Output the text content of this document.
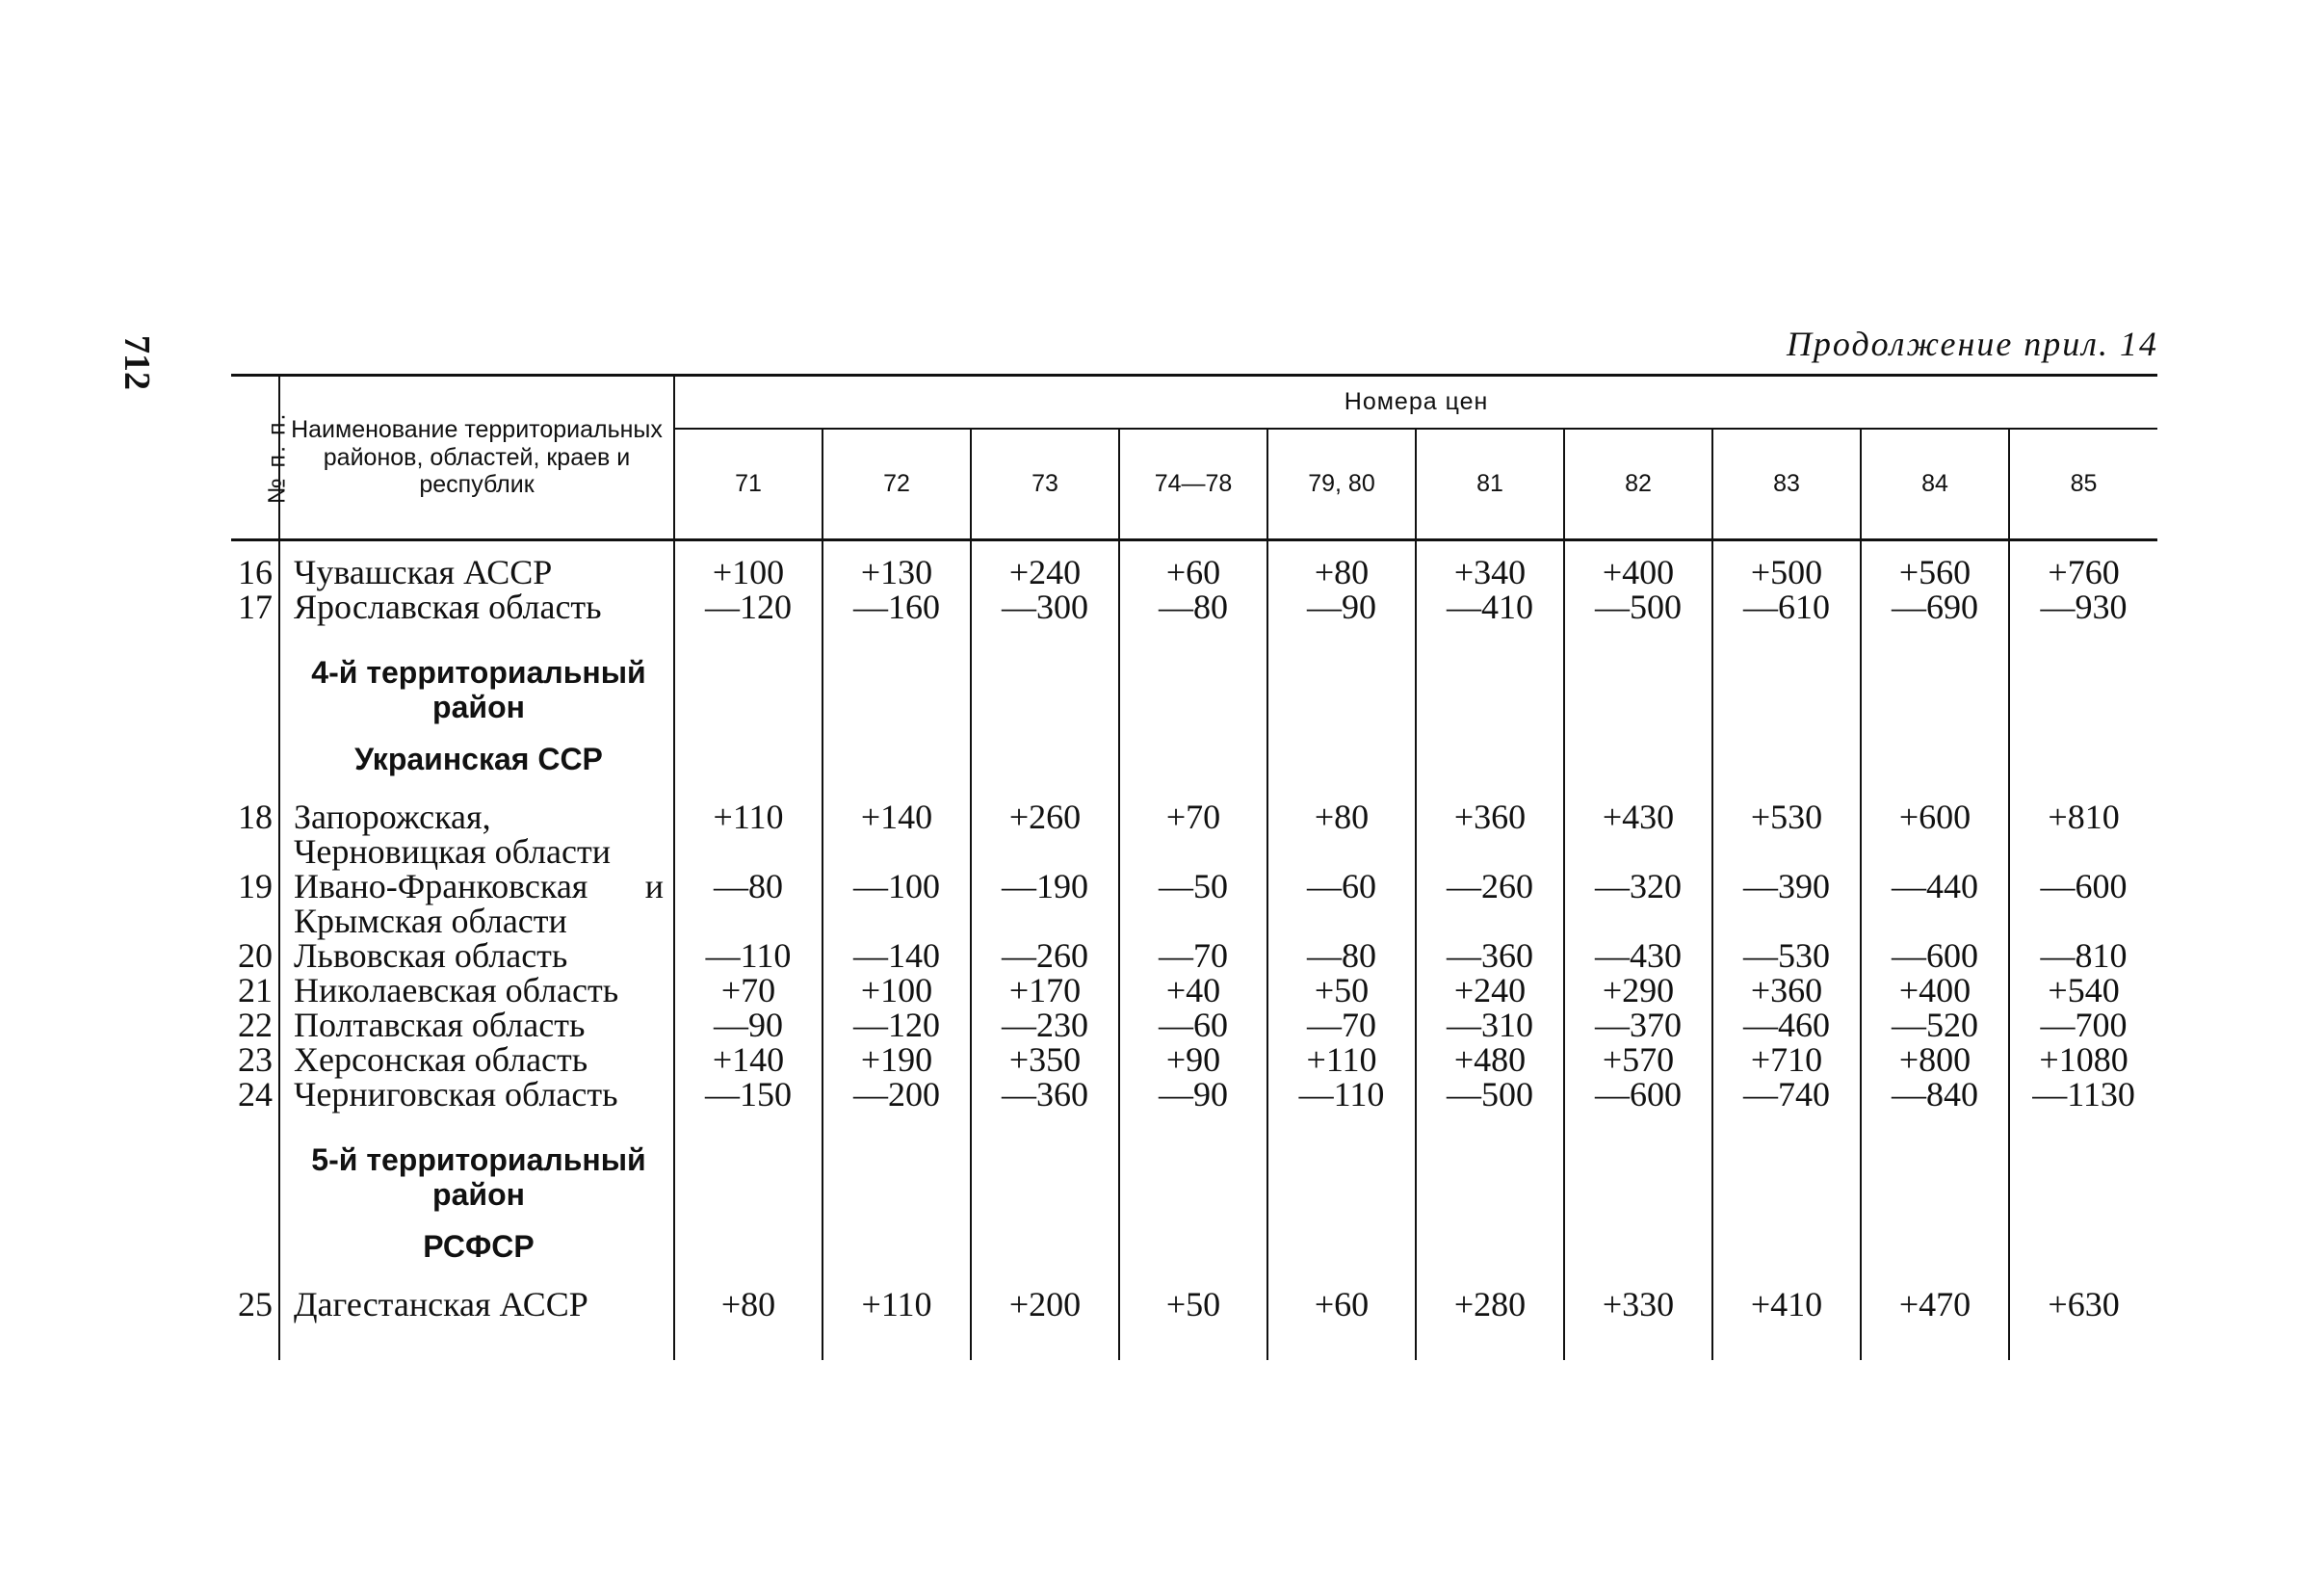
712	Продолжение прил. 14
№ п. п.	Наименование территориальных районов, областей, краев и республик	Номера цен									
		71	72	73	74—78	79, 80	81	82	83	84	85

16	Чувашская АССР	+100	+130	+240	+60	+80	+340	+400	+500	+560	+760
17	Ярославская область	—120	—160	—300	—80	—90	—410	—500	—610	—690	—930

	4-й территориальный район										
	Украинская ССР										

18	Запорожская, Черновицкая области	+110	+140	+260	+70	+80	+360	+430	+530	+600	+810
19	Ивано-Франковская и Крымская области	—80	—100	—190	—50	—60	—260	—320	—390	—440	—600
20	Львовская область	—110	—140	—260	—70	—80	—360	—430	—530	—600	—810
21	Николаевская область	+70	+100	+170	+40	+50	+240	+290	+360	+400	+540
22	Полтавская область	—90	—120	—230	—60	—70	—310	—370	—460	—520	—700
23	Херсонская область	+140	+190	+350	+90	+110	+480	+570	+710	+800	+1080
24	Черниговская область	—150	—200	—360	—90	—110	—500	—600	—740	—840	—1130

	5-й территориальный район										
	РСФСР										

25	Дагестанская АССР	+80	+110	+200	+50	+60	+280	+330	+410	+470	+630
